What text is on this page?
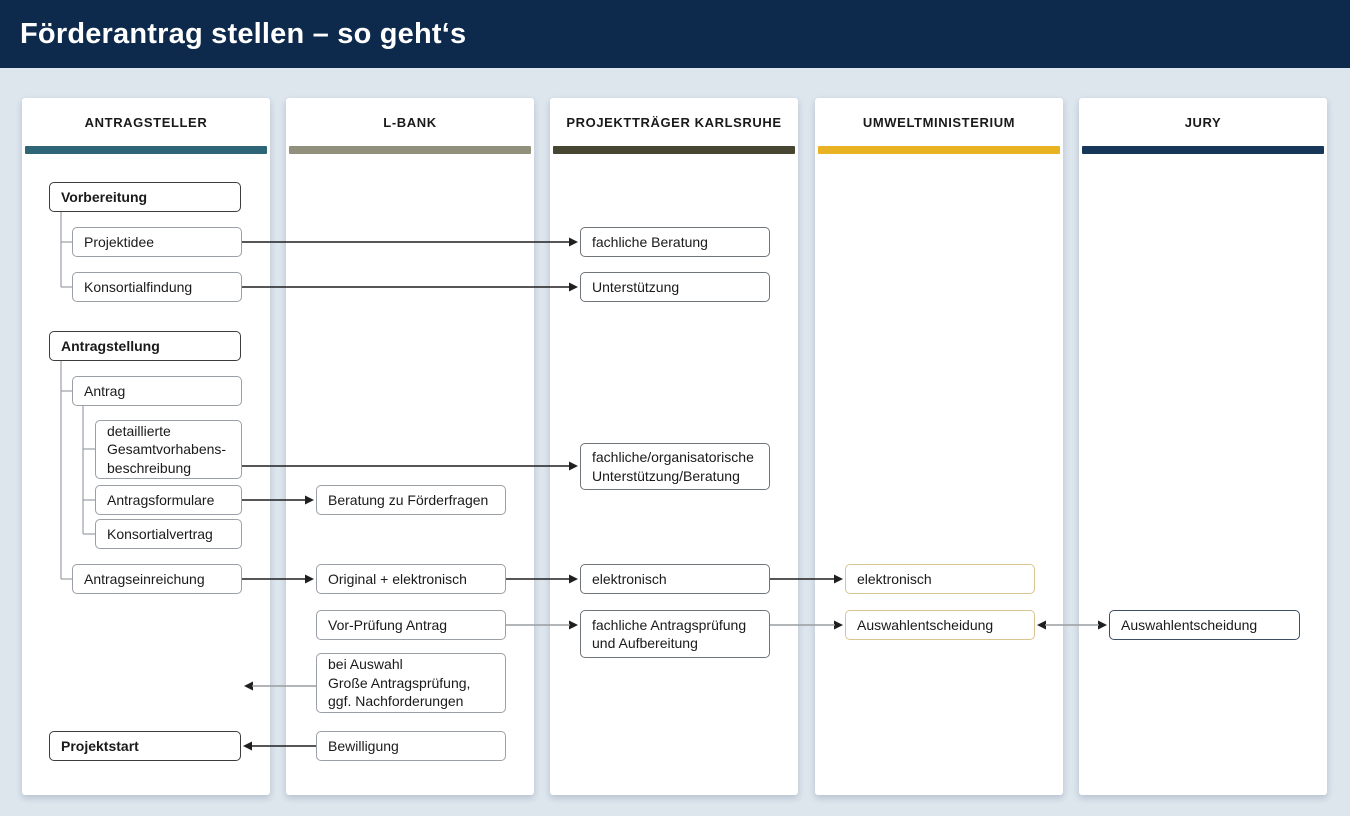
Förderantrag stellen – so geht‘s
ANTRAGSTELLER	L-BANK	PROJEKTTRÄGER KARLSRUHE	UMWELTMINISTERIUM	JURY
Vorbereitung
Projektidee
Konsortialfindung
Antragstellung
Antrag
detaillierte
Gesamtvorhabens-
beschreibung
Antragsformulare
Konsortialvertrag
Antragseinreichung
Projektstart
Beratung zu Förderfragen
Original + elektronisch
Vor-Prüfung Antrag
bei Auswahl
Große Antragsprüfung,
ggf. Nachforderungen
Bewilligung
fachliche Beratung
Unterstützung
fachliche/organisatorische
Unterstützung/Beratung
elektronisch
fachliche Antragsprüfung
und Aufbereitung
elektronisch
Auswahlentscheidung	Auswahlentscheidung
